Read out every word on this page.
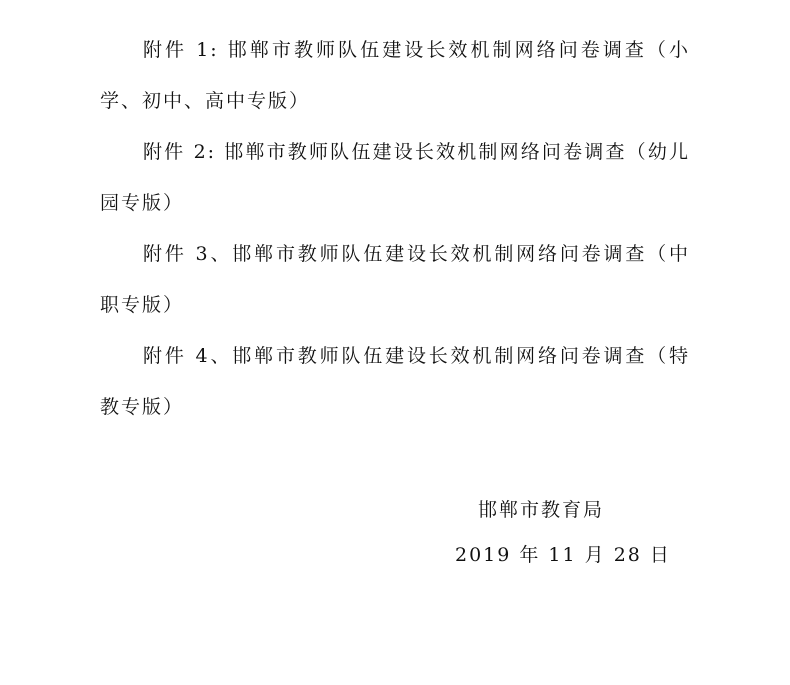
附件 1: 邯郸市教师队伍建设长效机制网络问卷调查（小学、初中、高中专版）

附件 2: 邯郸市教师队伍建设长效机制网络问卷调查（幼儿园专版）

附件 3、邯郸市教师队伍建设长效机制网络问卷调查（中职专版）

附件 4、邯郸市教师队伍建设长效机制网络问卷调查（特教专版）

邯郸市教育局

2019 年 11 月 28 日
